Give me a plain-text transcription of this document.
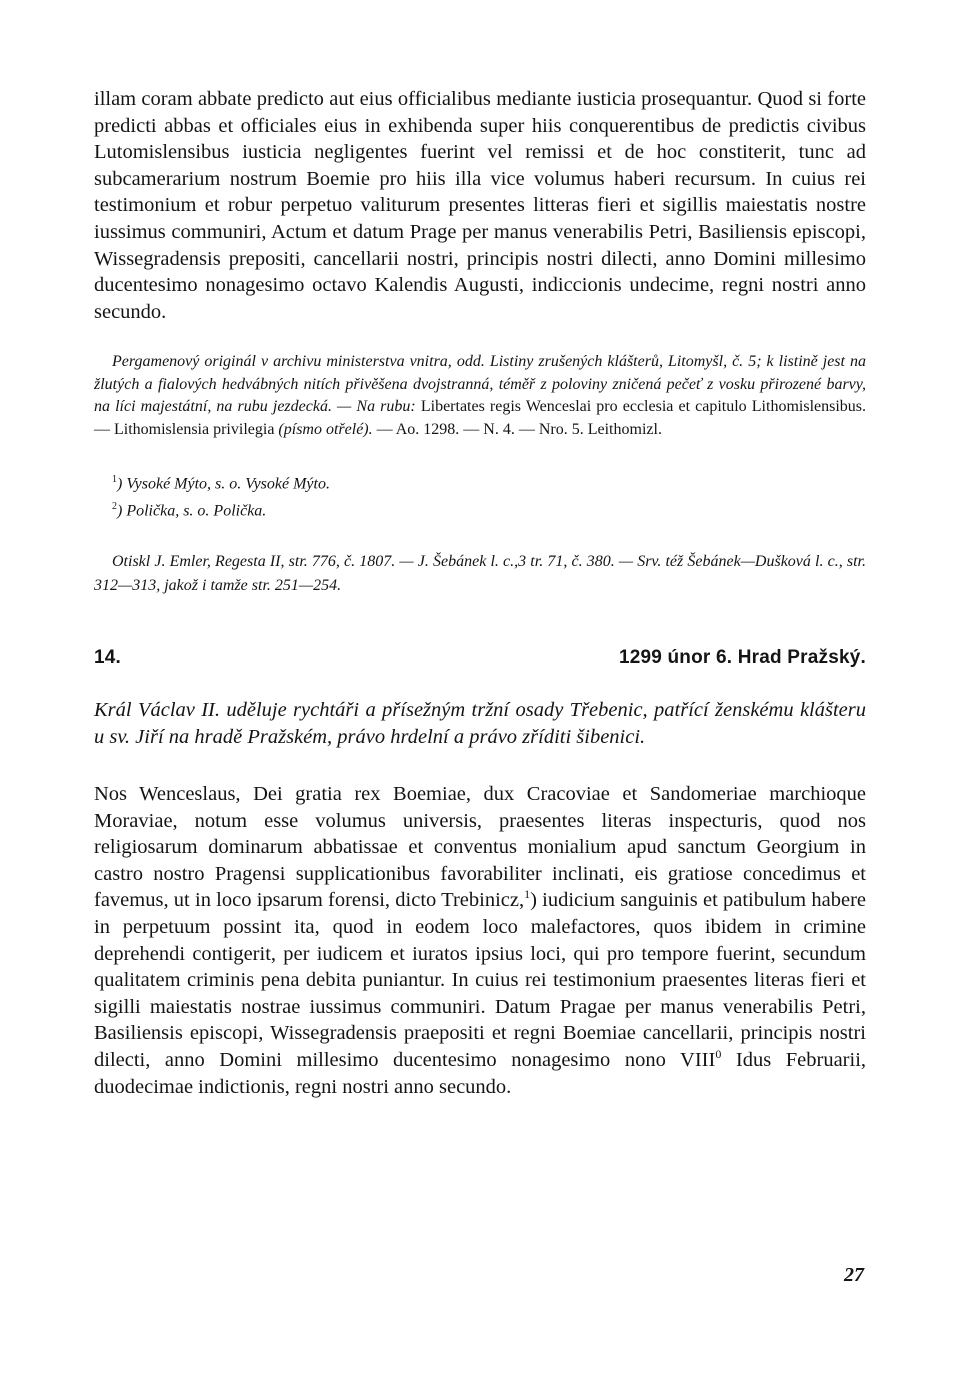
illam coram abbate predicto aut eius officialibus mediante iusticia prosequantur. Quod si forte predicti abbas et officiales eius in exhibenda super hiis conquerentibus de predictis civibus Lutomislensibus iusticia negligentes fuerint vel remissi et de hoc constiterit, tunc ad subcamerarium nostrum Boemie pro hiis illa vice volumus haberi recursum. In cuius rei testimonium et robur perpetuo valiturum presentes litteras fieri et sigillis maiestatis nostre iussimus communiri, Actum et datum Prage per manus venerabilis Petri, Basiliensis episcopi, Wissegradensis prepositi, cancellarii nostri, principis nostri dilecti, anno Domini millesimo ducentesimo nonagesimo octavo Kalendis Augusti, indiccionis undecime, regni nostri anno secundo.

Pergamenový originál v archivu ministerstva vnitra, odd. Listiny zrušených klášterů, Litomyšl, č. 5; k listině jest na žlutých a fialových hedvábných nitích přivěšena dvojstranná, téměř z poloviny zničená pečeť z vosku přirozené barvy, na líci majestátní, na rubu jezdecká. — Na rubu: Libertates regis Wenceslai pro ecclesia et capitulo Lithomislensibus. — Lithomislensia privilegia (písmo otřelé). — Ao. 1298. — N. 4. — Nro. 5. Leithomizl.

$^1$) Vysoké Mýto, s. o. Vysoké Mýto.
$^2$) Polička, s. o. Polička.

Otiskl J. Emler, Regesta II, str. 776, č. 1807. — J. Šebánek l. c.,3 tr. 71, č. 380. — Srv. též Šebánek—Dušková l. c., str. 312—313, jakož i tamže str. 251—254.

14.	1299 únor 6. Hrad Pražský.

Král Václav II. uděluje rychtáři a přísežným tržní osady Třebenic, patřící ženskému klášteru u sv. Jiří na hradě Pražském, právo hrdelní a právo zříditi šibenici.

Nos Wenceslaus, Dei gratia rex Boemiae, dux Cracoviae et Sandomeriae marchioque Moraviae, notum esse volumus universis, praesentes literas inspecturis, quod nos religiosarum dominarum abbatissae et conventus monialium apud sanctum Georgium in castro nostro Pragensi supplicationibus favorabiliter inclinati, eis gratiose concedimus et favemus, ut in loco ipsarum forensi, dicto Trebinicz,$^1$) iudicium sanguinis et patibulum habere in perpetuum possint ita, quod in eodem loco malefactores, quos ibidem in crimine deprehendi contigerit, per iudicem et iuratos ipsius loci, qui pro tempore fuerint, secundum qualitatem criminis pena debita puniantur. In cuius rei testimonium praesentes literas fieri et sigilli maiestatis nostrae iussimus communiri. Datum Pragae per manus venerabilis Petri, Basiliensis episcopi, Wissegradensis praepositi et regni Boemiae cancellarii, principis nostri dilecti, anno Domini millesimo ducentesimo nonagesimo nono VIII$^0$ Idus Februarii, duodecimae indictionis, regni nostri anno secundo.

27
